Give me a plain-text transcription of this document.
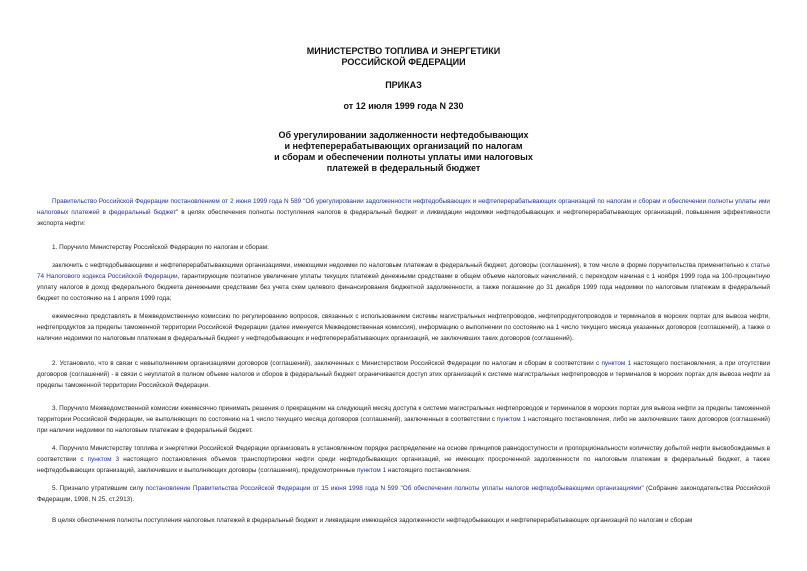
МИНИСТЕРСТВО ТОПЛИВА И ЭНЕРГЕТИКИ
РОССИЙСКОЙ ФЕДЕРАЦИИ
ПРИКАЗ
от 12 июля 1999 года N 230
Об урегулировании задолженности нефтедобывающих
и нефтеперерабатывающих организаций по налогам
и сборам и обеспечении полноты уплаты ими налоговых
платежей в федеральный бюджет

Правительство Российской Федерации постановлением от 2 июня 1999 года N 589 "Об урегулировании задолженности нефтедобывающих и нефтеперерабатывающих организаций по налогам и сборам и обеспечении полноты уплаты ими налоговых платежей в федеральный бюджет" в целях обеспечения полноты поступления налогов в федеральный бюджет и ликвидации недоимки нефтедобывающих и нефтеперерабатывающих организаций, повышения эффективности экспорта нефти:

1. Поручило Министерству Российской Федерации по налогам и сборам:

заключить с нефтедобывающими и нефтеперерабатывающими организациями, имеющими недоимки по налоговым платежам в федеральный бюджет, договоры (соглашения), в том числе в форме поручительства применительно к статье 74 Налогового кодекса Российской Федерации, гарантирующие поэтапное увеличение уплаты текущих платежей денежными средствами в общем объеме налоговых начислений, с переходом начиная с 1 ноября 1999 года на 100-процентную уплату налогов в доход федерального бюджета денежными средствами без учета схем целевого финансирования бюджетной задолженности, а также погашение до 31 декабря 1999 года недоимки по налоговым платежам в федеральный бюджет по состоянию на 1 апреля 1999 года;

ежемесячно представлять в Межведомственную комиссию по регулированию вопросов, связанных с использованием системы магистральных нефтепроводов, нефтепродуктопроводов и терминалов в морских портах для вывоза нефти, нефтепродуктов за пределы таможенной территории Российской Федерации (далее именуется Межведомственная комиссия), информацию о выполнении по состоянию на 1 число текущего месяца указанных договоров (соглашений), а также о наличии недоимки по налоговым платежам в федеральный бюджет у нефтедобывающих и нефтеперерабатывающих организаций, не заключивших таких договоров (соглашений).

2. Установило, что в связи с невыполнением организациями договоров (соглашений), заключенных с Министерством Российской Федерации по налогам и сборам в соответствии с пунктом 1 настоящего постановления, а при отсутствии договоров (соглашений) - в связи с неуплатой в полном объеме налогов и сборов в федеральный бюджет ограничивается доступ этих организаций к системе магистральных нефтепроводов и терминалов в морских портах для вывоза нефти за пределы таможенной территории Российской Федерации.

3. Поручило Межведомственной комиссии ежемесячно принимать решения о прекращении на следующий месяц доступа к системе магистральных нефтепроводов и терминалов в морских портах для вывоза нефти за пределы таможенной территории Российской Федерации, не выполняющих по состоянию на 1 число текущего месяца договоров (соглашений), заключенных в соответствии с пунктом 1 настоящего постановления, либо не заключивших таких договоров (соглашений) при наличии недоимки по налоговым платежам в федеральный бюджет.

4. Поручило Министерству топлива и энергетики Российской Федерации организовать в установленном порядке распределение на основе принципов равнодоступности и пропорциональности количеству добытой нефти высвобождаемых в соответствии с пунктом 3 настоящего постановления объемов транспортировки нефти среди нефтедобывающих организаций, не имеющих просроченной задолженности по налоговым платежам в федеральный бюджет, а также нефтедобывающих организаций, заключивших и выполняющих договоры (соглашения), предусмотренные пунктом 1 настоящего постановления.

5. Признало утратившим силу постановление Правительства Российской Федерации от 15 июня 1998 года N 599 "Об обеспечении полноты уплаты налогов нефтедобывающими организациями" (Собрание законодательства Российской Федерации, 1998, N 25, ст.2913).

В целях обеспечения полноты поступления налоговых платежей в федеральный бюджет и ликвидации имеющейся задолженности нефтедобывающих и нефтеперерабатывающих организаций по налогам и сборам
